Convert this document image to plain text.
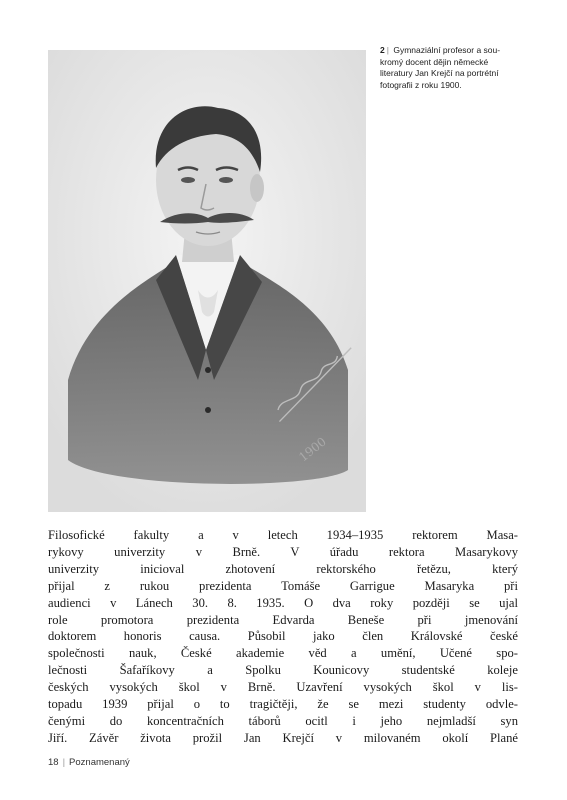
1900
2 | Gymnaziální profesor a sou-
kromý docent dějin německé
literatury Jan Krejčí na portrétní
fotografii z roku 1900.

Filosofické fakulty a v letech 1934–1935 rektorem Masa-
rykovy univerzity v Brně. V úřadu rektora Masarykovy
univerzity inicioval zhotovení rektorského řetězu, který
přijal z rukou prezidenta Tomáše Garrigue Masaryka při
audienci v Lánech 30. 8. 1935. O dva roky později se ujal
role promotora prezidenta Edvarda Beneše při jmenování
doktorem honoris causa. Působil jako člen Královské české
společnosti nauk, České akademie věd a umění, Učené spo-
lečnosti Šafaříkovy a Spolku Kounicovy studentské koleje
českých vysokých škol v Brně. Uzavření vysokých škol v lis-
topadu 1939 přijal o to tragičtěji, že se mezi studenty odvle-
čenými do koncentračních táborů ocitl i jeho nejmladší syn
Jiří. Závěr života prožil Jan Krejčí v milovaném okolí Plané

18 | Poznamenaný
